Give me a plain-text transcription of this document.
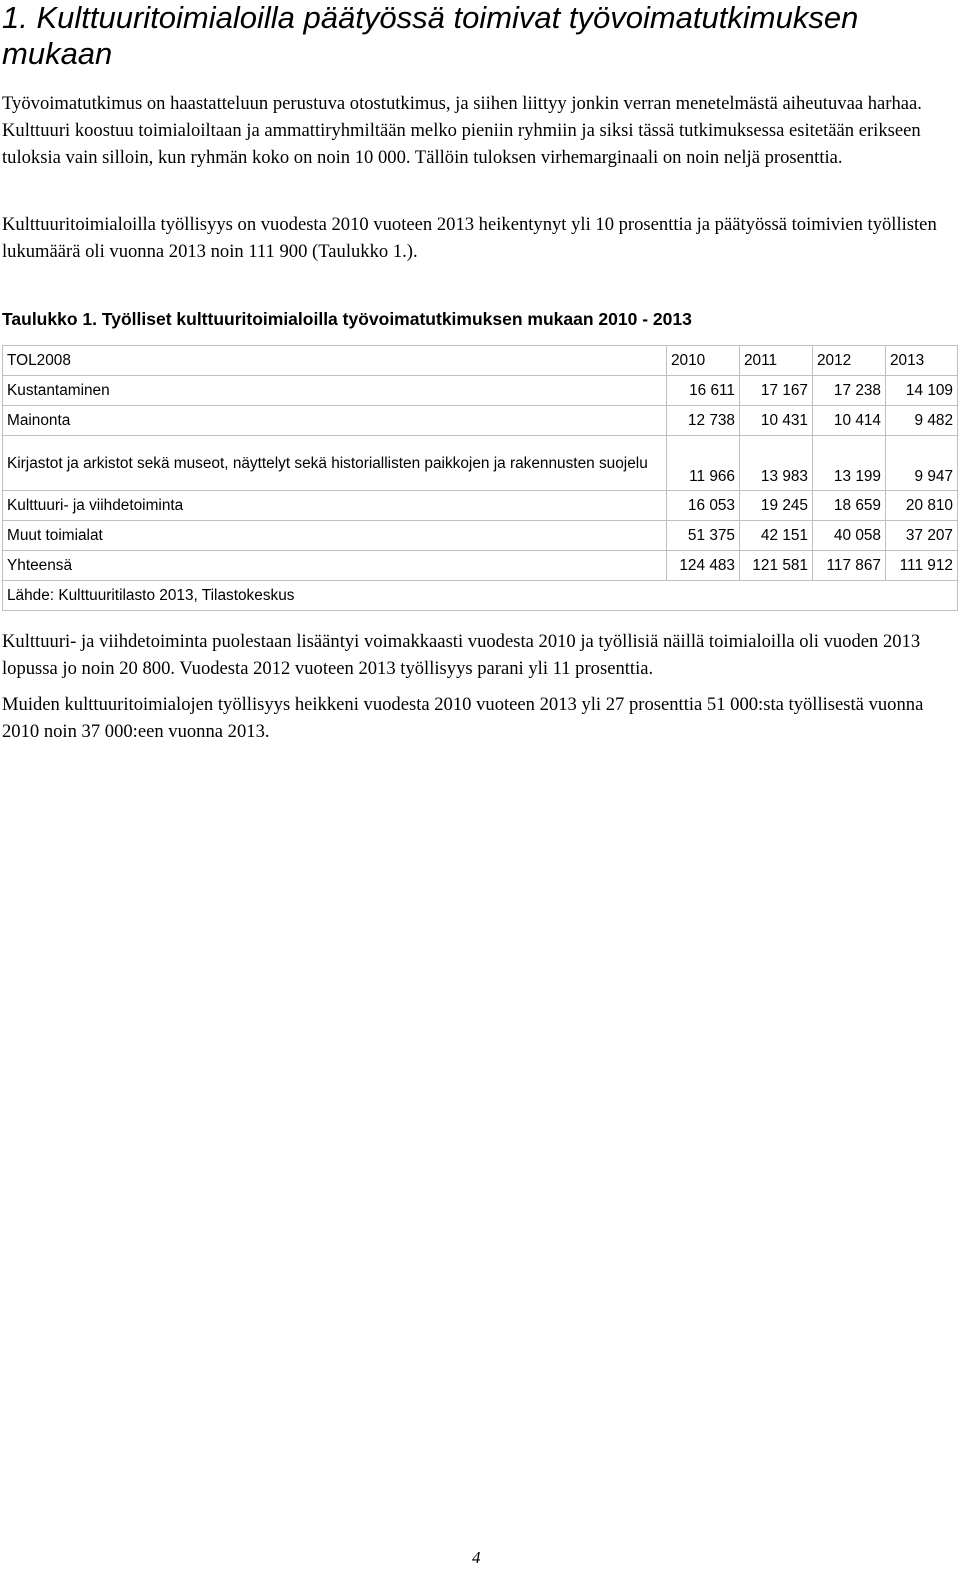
1. Kulttuuritoimialoilla päätyössä toimivat työvoimatutkimuksen mukaan

Työvoimatutkimus on haastatteluun perustuva otostutkimus, ja siihen liittyy jonkin verran menetelmästä aiheutuvaa harhaa. Kulttuuri koostuu toimialoiltaan ja ammattiryhmiltään melko pieniin ryhmiin ja siksi tässä tutkimuksessa esitetään erikseen tuloksia vain silloin, kun ryhmän koko on noin 10 000. Tällöin tuloksen virhemarginaali on noin neljä prosenttia.

Kulttuuritoimialoilla työllisyys on vuodesta 2010 vuoteen 2013 heikentynyt yli 10 prosenttia ja päätyössä toimivien työllisten lukumäärä oli vuonna 2013 noin 111 900 (Taulukko 1.).

Taulukko 1. Työlliset kulttuuritoimialoilla työvoimatutkimuksen mukaan 2010 - 2013
TOL2008	2010	2011	2012	2013
Kustantaminen	16 611	17 167	17 238	14 109
Mainonta	12 738	10 431	10 414	9 482
Kirjastot ja arkistot sekä museot, näyttelyt sekä historiallisten paikkojen ja rakennusten suojelu	11 966	13 983	13 199	9 947
Kulttuuri- ja viihdetoiminta	16 053	19 245	18 659	20 810
Muut toimialat	51 375	42 151	40 058	37 207
Yhteensä	124 483	121 581	117 867	111 912
Lähde: Kulttuuritilasto 2013, Tilastokeskus				

Kulttuuri- ja viihdetoiminta puolestaan lisääntyi voimakkaasti vuodesta 2010 ja työllisiä näillä toimialoilla oli vuoden 2013 lopussa jo noin 20 800. Vuodesta 2012 vuoteen 2013 työllisyys parani yli 11 prosenttia.

Muiden kulttuuritoimialojen työllisyys heikkeni vuodesta 2010 vuoteen 2013 yli 27 prosenttia 51 000:sta työllisestä vuonna 2010 noin 37 000:een vuonna 2013.

4
